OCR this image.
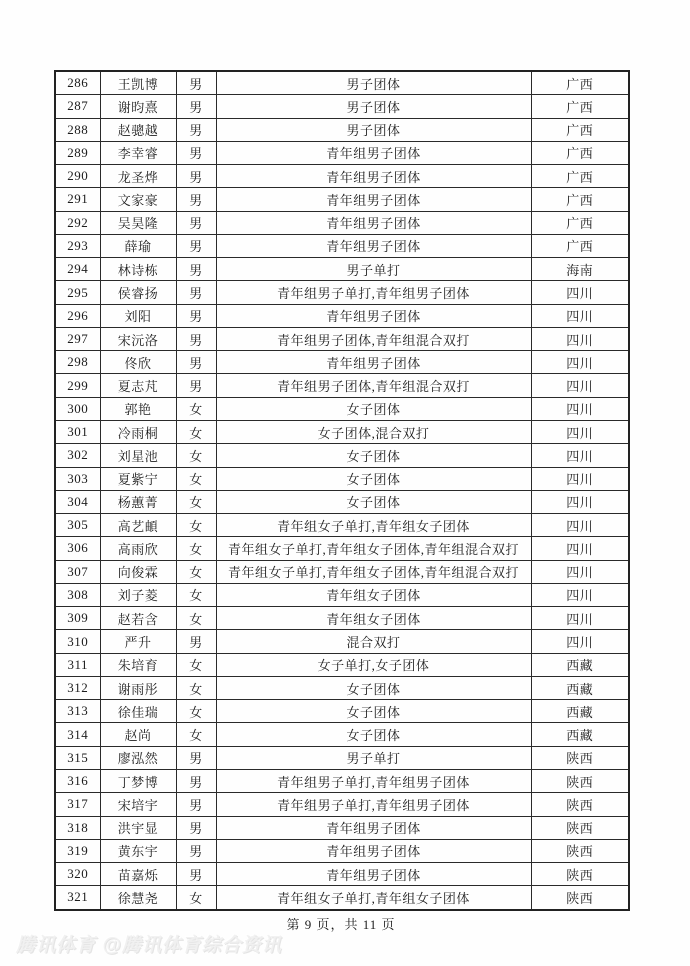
286	王凯博	男	男子团体	广西
287	谢昀熹	男	男子团体	广西
288	赵骢越	男	男子团体	广西
289	李幸睿	男	青年组男子团体	广西
290	龙圣烨	男	青年组男子团体	广西
291	文家豪	男	青年组男子团体	广西
292	吴昊隆	男	青年组男子团体	广西
293	薛瑜	男	青年组男子团体	广西
294	林诗栋	男	男子单打	海南
295	侯睿扬	男	青年组男子单打,青年组男子团体	四川
296	刘阳	男	青年组男子团体	四川
297	宋沅洛	男	青年组男子团体,青年组混合双打	四川
298	佟欣	男	青年组男子团体	四川
299	夏志芃	男	青年组男子团体,青年组混合双打	四川
300	郭艳	女	女子团体	四川
301	冷雨桐	女	女子团体,混合双打	四川
302	刘星池	女	女子团体	四川
303	夏紫宁	女	女子团体	四川
304	杨蕙菁	女	女子团体	四川
305	高艺頔	女	青年组女子单打,青年组女子团体	四川
306	高雨欣	女	青年组女子单打,青年组女子团体,青年组混合双打	四川
307	向俊霖	女	青年组女子单打,青年组女子团体,青年组混合双打	四川
308	刘子菱	女	青年组女子团体	四川
309	赵若含	女	青年组女子团体	四川
310	严升	男	混合双打	四川
311	朱培育	女	女子单打,女子团体	西藏
312	谢雨彤	女	女子团体	西藏
313	徐佳瑞	女	女子团体	西藏
314	赵尚	女	女子团体	西藏
315	廖泓然	男	男子单打	陕西
316	丁梦博	男	青年组男子单打,青年组男子团体	陕西
317	宋培宇	男	青年组男子单打,青年组男子团体	陕西
318	洪宇显	男	青年组男子团体	陕西
319	黄东宇	男	青年组男子团体	陕西
320	苗嘉烁	男	青年组男子团体	陕西
321	徐慧尧	女	青年组女子单打,青年组女子团体	陕西
第 9 页，共 11 页
腾讯体育 @腾讯体育综合资讯
